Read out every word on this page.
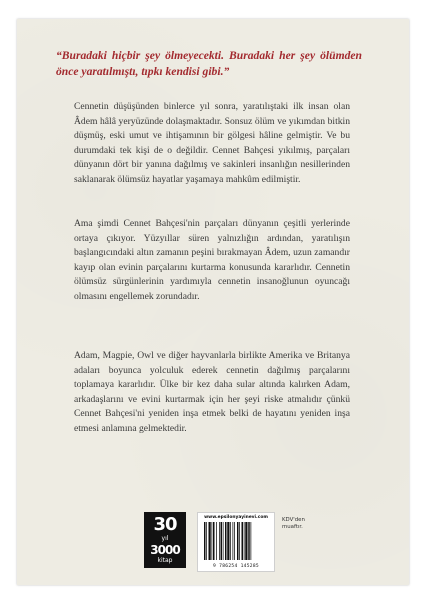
“Buradaki hiçbir şey ölmeyecekti. Buradaki her şey ölümden önce yaratılmıştı, tıpkı kendisi gibi.”
Cennetin düşüşünden binlerce yıl sonra, yaratılıştaki ilk insan olan Âdem hâlâ yeryüzünde dolaşmaktadır. Sonsuz ölüm ve yıkımdan bitkin düşmüş, eski umut ve ihtişamının bir gölgesi hâline gelmiştir. Ve bu durumdaki tek kişi de o değildir. Cennet Bahçesi yıkılmış, parçaları dünyanın dört bir yanına dağılmış ve sakinleri insanlığın nesillerinden saklanarak ölümsüz hayatlar yaşamaya mahkûm edilmiştir.
Ama şimdi Cennet Bahçesi'nin parçaları dünyanın çeşitli yerlerinde ortaya çıkıyor. Yüzyıllar süren yalnızlığın ardından, yaratılışın başlangıcındaki altın zamanın peşini bırakmayan Âdem, uzun zamandır kayıp olan evinin parçalarını kurtarma konusunda kararlıdır. Cennetin ölümsüz sürgünlerinin yardımıyla cennetin insanoğlunun oyuncağı olmasını engellemek zorundadır.
Adam, Magpie, Owl ve diğer hayvanlarla birlikte Amerika ve Britanya adaları boyunca yolculuk ederek cennetin dağılmış parçalarını toplamaya kararlıdır. Ülke bir kez daha sular altında kalırken Adam, arkadaşlarını ve evini kurtarmak için her şeyi riske atmalıdır çünkü Cennet Bahçesi'ni yeniden inşa etmek belki de hayatını yeniden inşa etmesi anlamına gelmektedir.
30
yıl
3000
kitap
www.epsilonyayinevi.com
9 786254 145285
KDV'den muaftır.
